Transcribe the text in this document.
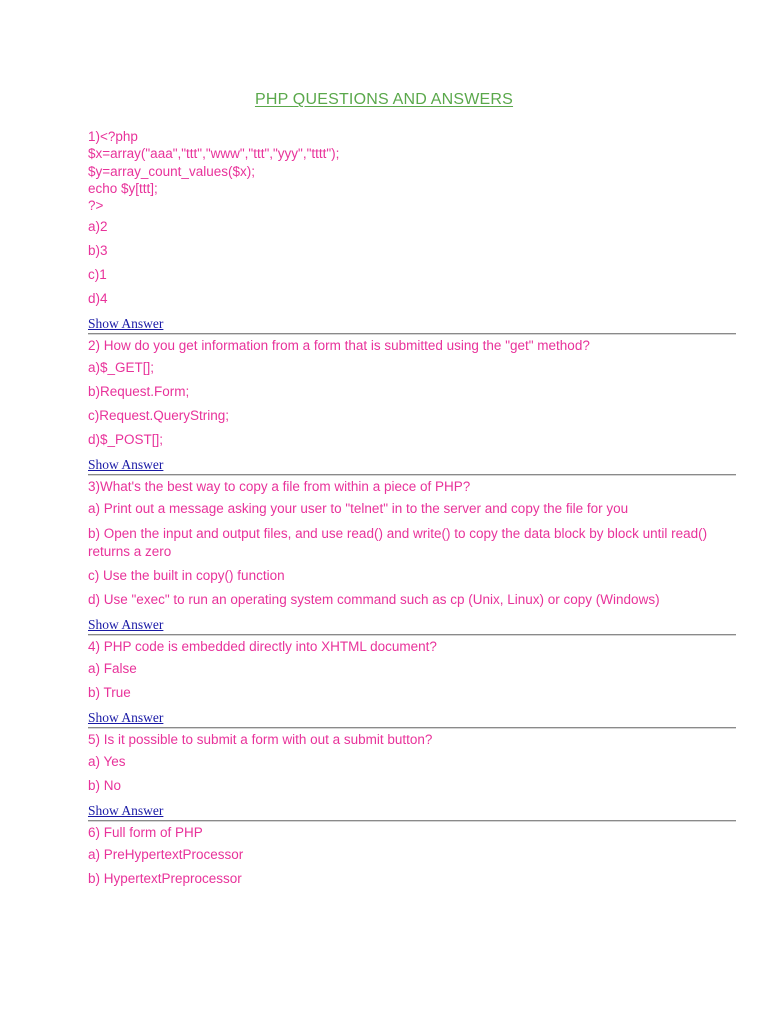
PHP QUESTIONS AND ANSWERS
1)<?php
$x=array("aaa","ttt","www","ttt","yyy","tttt");
$y=array_count_values($x);
echo $y[ttt];
?>
a)2
b)3
c)1
d)4
Show Answer
2) How do you get information from a form that is submitted using the "get" method?
a)$_GET[];
b)Request.Form;
c)Request.QueryString;
d)$_POST[];
Show Answer
3)What's the best way to copy a file from within a piece of PHP?
a) Print out a message asking your user to "telnet" in to the server and copy the file for you
b) Open the input and output files, and use read() and write() to copy the data block by block until read() returns a zero
c) Use the built in copy() function
d) Use "exec" to run an operating system command such as cp (Unix, Linux) or copy (Windows)
Show Answer
4) PHP code is embedded directly into XHTML document?
a) False
b) True
Show Answer
5) Is it possible to submit a form with out a submit button?
a) Yes
b) No
Show Answer
6) Full form of PHP
a) PreHypertextProcessor
b) HypertextPreprocessor
